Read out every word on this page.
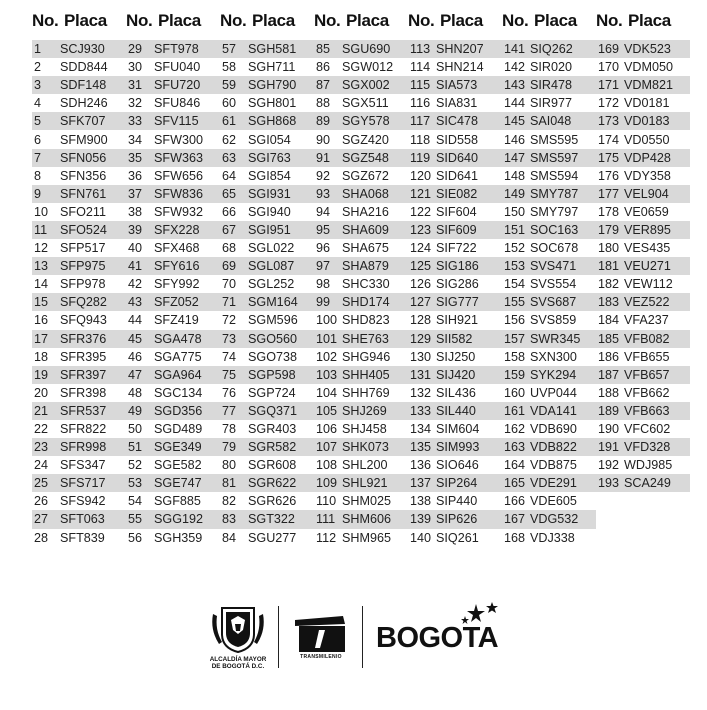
No. Placa
1	SCJ930
2	SDD844
3	SDF148
4	SDH246
5	SFK707
6	SFM900
7	SFN056
8	SFN356
9	SFN761
10 SFO211
11	SFO524
12 SFP517
13 SFP975
14 SFP978
15 SFQ282
16 SFQ943
17 SFR376
18 SFR395
19 SFR397
20 SFR398
21 SFR537
22 SFR822
23 SFR998
24 SFS347
25 SFS717
26 SFS942
27 SFT063
28 SFT839
No. Placa
29 SFT978
30 SFU040
31 SFU720
32 SFU846
33 SFV115
34 SFW300
35 SFW363
36 SFW656
37 SFW836
38 SFW932
39 SFX228
40 SFX468
41 SFY616
42 SFY992
43 SFZ052
44 SFZ419
45 SGA478
46 SGA775
47 SGA964
48 SGC134
49 SGD356
50 SGD489
51 SGE349
52 SGE582
53 SGE747
54 SGF885
55 SGG192
56 SGH359
No. Placa
57 SGH581
58 SGH711
59 SGH790
60 SGH801
61 SGH868
62 SGI054
63 SGI763
64 SGI854
65 SGI931
66 SGI940
67 SGI951
68 SGL022
69 SGL087
70 SGL252
71 SGM164
72 SGM596
73 SGO560
74 SGO738
75 SGP598
76 SGP724
77 SGQ371
78 SGR403
79 SGR582
80 SGR608
81 SGR622
82 SGR626
83 SGT322
84 SGU277
No. Placa
85 SGU690
86 SGW012
87 SGX002
88 SGX511
89 SGY578
90 SGZ420
91 SGZ548
92 SGZ672
93 SHA068
94 SHA216
95 SHA609
96 SHA675
97 SHA879
98 SHC330
99 SHD174
100 SHD823
101 SHE763
102 SHG946
103 SHH405
104 SHH769
105 SHJ269
106 SHJ458
107 SHK073
108 SHL200
109 SHL921
110 SHM025
111 SHM606
112 SHM965
No. Placa
113 SHN207
114 SHN214
115 SIA573
116 SIA831
117 SIC478
118 SID558
119 SID640
120 SID641
121 SIE082
122 SIF604
123 SIF609
124 SIF722
125 SIG186
126 SIG286
127 SIG777
128 SIH921
129 SII582
130 SIJ250
131 SIJ420
132 SIL436
133 SIL440
134 SIM604
135 SIM993
136 SIO646
137 SIP264
138 SIP440
139 SIP626
140 SIQ261
No. Placa
141 SIQ262
142 SIR020
143 SIR478
144 SIR977
145 SAI048
146 SMS595
147 SMS597
148 SMS594
149 SMY787
150 SMY797
151 SOC163
152 SOC678
153 SVS471
154 SVS554
155 SVS687
156 SVS859
157 SWR345
158 SXN300
159 SYK294
160 UVP044
161 VDA141
162 VDB690
163 VDB822
164 VDB875
165 VDE291
166 VDE605
167 VDG532
168 VDJ338
No. Placa
169 VDK523
170 VDM050
171 VDM821
172 VD0181
173 VD0183
174 VD0550
175 VDP428
176 VDY358
177 VEL904
178 VE0659
179 VER895
180 VES435
181 VEU271
182 VEW112
183 VEZ522
184 VFA237
185 VFB082
186 VFB655
187 VFB657
188 VFB662
189 VFB663
190 VFC602
191 VFD328
192 WDJ985
193 SCA249
ALCALDÍA MAYOR
DE BOGOTÁ D.C.
TRANSMILENIO
BOGOTA
